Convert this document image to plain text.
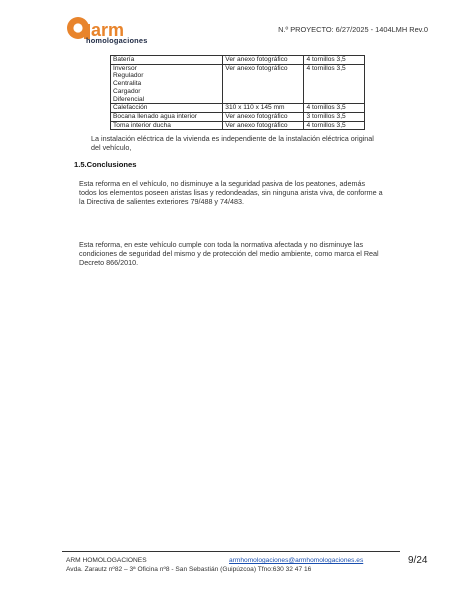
arm
homologaciones
N.º PROYECTO: 6/27/2025 - 1404LMH Rev.0
Batería	Ver anexo fotográfico	4 tornillos 3,5

Inversor
Regulador
Centralita
Cargador
Diferencial	Ver anexo fotográfico	4 tornillos 3,5

Calefacción	310 x 110 x 145 mm	4 tornillos 3,5

Bocana llenado agua interior	Ver anexo fotográfico	3 tornillos 3,5

Toma interior ducha	Ver anexo fotográfico	4 tornillos 3,5
La instalación eléctrica de la vivienda es independiente de la instalación eléctrica original
del vehículo,

1.5.Conclusiones

Esta reforma en el vehículo, no disminuye a la seguridad pasiva de los peatones, además
todos los elementos poseen aristas lisas y redondeadas, sin ninguna arista viva, de conforme a
la Directiva de salientes exteriores 79/488 y 74/483.
Esta reforma, en este vehículo cumple con toda la normativa afectada y no disminuye las
condiciones de seguridad del mismo y de protección del medio ambiente, como marca el Real
Decreto 866/2010.
ARM HOMOLOGACIONES	armhomologaciones@armhomologaciones.es
Avda. Zarautz nº82 – 3ª Oficina nº8 - San Sebastián (Guipúzcoa) Tfno:630 32 47 16
9/24
